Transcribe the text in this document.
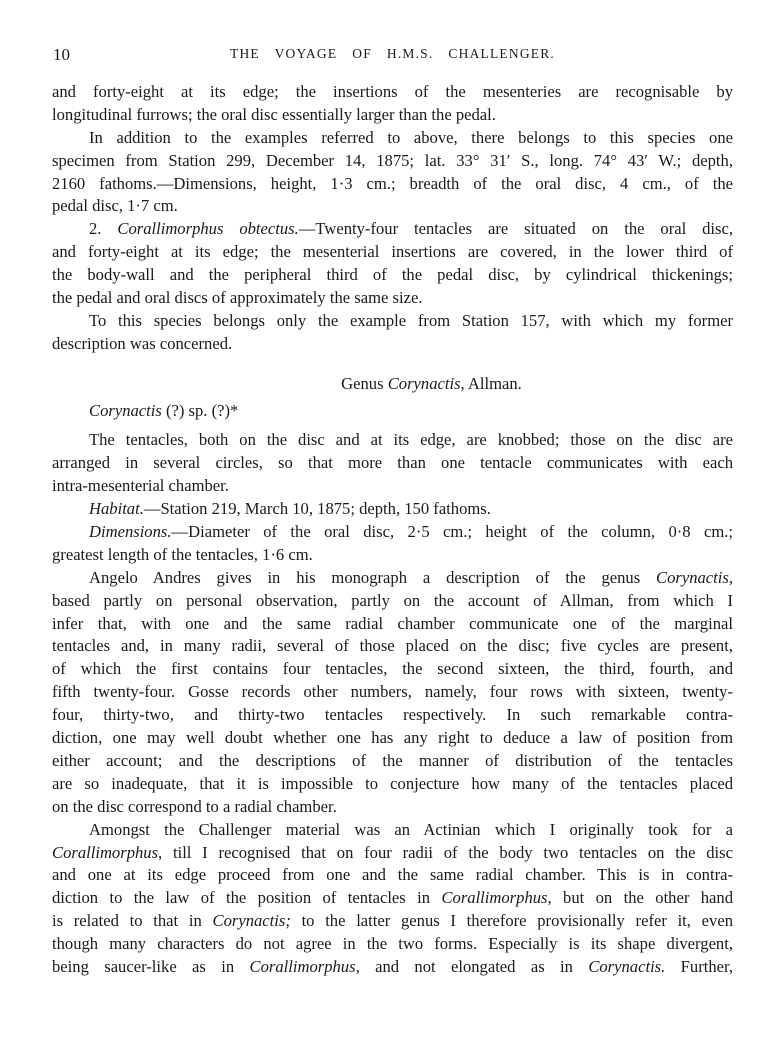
10	THE VOYAGE OF H.M.S. CHALLENGER.
and forty-eight at its edge; the insertions of the mesenteries are recognisable by
longitudinal furrows; the oral disc essentially larger than the pedal.
In addition to the examples referred to above, there belongs to this species one
specimen from Station 299, December 14, 1875; lat. 33° 31′ S., long. 74° 43′ W.; depth,
2160 fathoms.—Dimensions, height, 1·3 cm.; breadth of the oral disc, 4 cm., of the
pedal disc, 1·7 cm.
2. Corallimorphus obtectus.—Twenty-four tentacles are situated on the oral disc,
and forty-eight at its edge; the mesenterial insertions are covered, in the lower third of
the body-wall and the peripheral third of the pedal disc, by cylindrical thickenings;
the pedal and oral discs of approximately the same size.
To this species belongs only the example from Station 157, with which my former
description was concerned.
Genus Corynactis, Allman.
Corynactis (?) sp. (?)*
The tentacles, both on the disc and at its edge, are knobbed; those on the disc are
arranged in several circles, so that more than one tentacle communicates with each
intra-mesenterial chamber.
Habitat.—Station 219, March 10, 1875; depth, 150 fathoms.
Dimensions.—Diameter of the oral disc, 2·5 cm.; height of the column, 0·8 cm.;
greatest length of the tentacles, 1·6 cm.
Angelo Andres gives in his monograph a description of the genus Corynactis,
based partly on personal observation, partly on the account of Allman, from which I
infer that, with one and the same radial chamber communicate one of the marginal
tentacles and, in many radii, several of those placed on the disc; five cycles are present,
of which the first contains four tentacles, the second sixteen, the third, fourth, and
fifth twenty-four. Gosse records other numbers, namely, four rows with sixteen, twenty-
four, thirty-two, and thirty-two tentacles respectively. In such remarkable contra-
diction, one may well doubt whether one has any right to deduce a law of position from
either account; and the descriptions of the manner of distribution of the tentacles
are so inadequate, that it is impossible to conjecture how many of the tentacles placed
on the disc correspond to a radial chamber.
Amongst the Challenger material was an Actinian which I originally took for a
Corallimorphus, till I recognised that on four radii of the body two tentacles on the disc
and one at its edge proceed from one and the same radial chamber. This is in contra-
diction to the law of the position of tentacles in Corallimorphus, but on the other hand
is related to that in Corynactis; to the latter genus I therefore provisionally refer it, even
though many characters do not agree in the two forms. Especially is its shape divergent,
being saucer-like as in Corallimorphus, and not elongated as in Corynactis. Further,
